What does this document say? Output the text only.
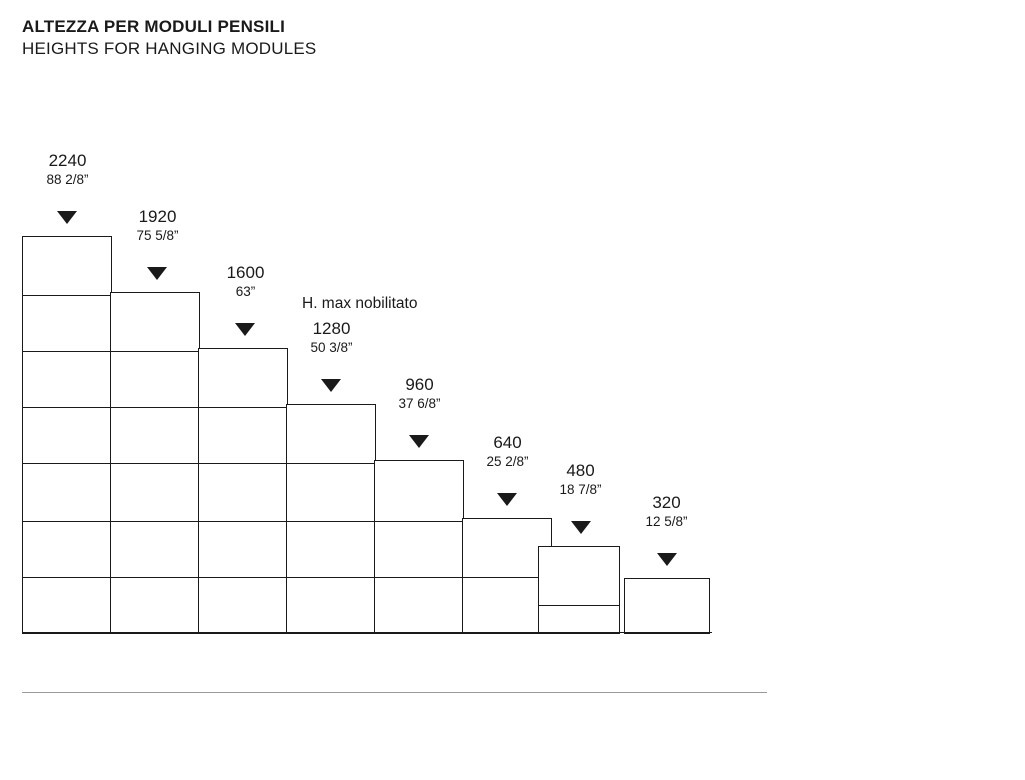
ALTEZZA PER MODULI PENSILI
HEIGHTS FOR HANGING MODULES
2240
88 2/8”
1920
75 5/8”
1600
63”
H. max nobilitato
1280
50 3/8”
960
37 6/8”
640
25 2/8”	480
18 7/8”
320
12 5/8”
